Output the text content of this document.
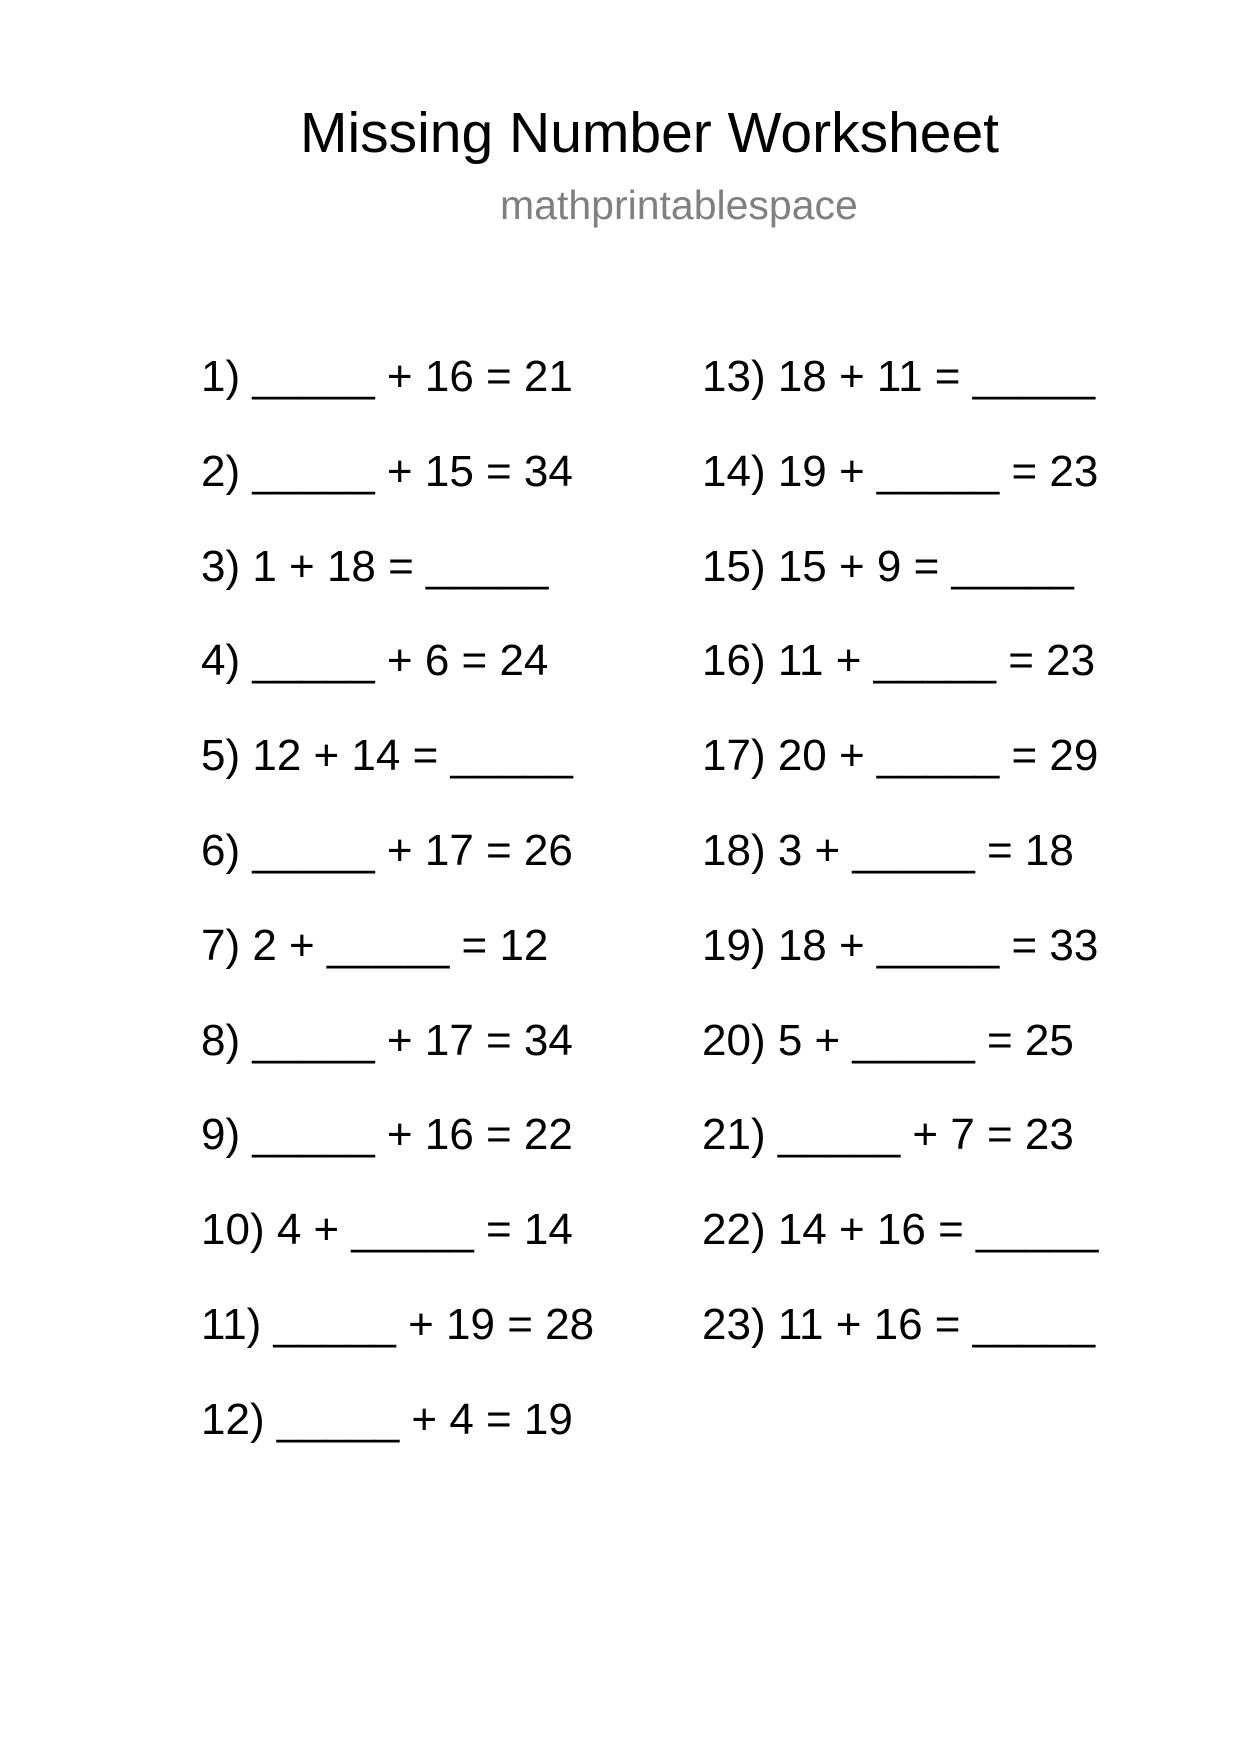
Missing Number Worksheet
mathprintablespace
1) _____ + 16 = 21
2) _____ + 15 = 34
3) 1 + 18 = _____
4) _____ + 6 = 24
5) 12 + 14 = _____
6) _____ + 17 = 26
7) 2 + _____ = 12
8) _____ + 17 = 34
9) _____ + 16 = 22
10) 4 + _____ = 14
11) _____ + 19 = 28
12) _____ + 4 = 19
13) 18 + 11 = _____
14) 19 + _____ = 23
15) 15 + 9 = _____
16) 11 + _____ = 23
17) 20 + _____ = 29
18) 3 + _____ = 18
19) 18 + _____ = 33
20) 5 + _____ = 25
21) _____ + 7 = 23
22) 14 + 16 = _____
23) 11 + 16 = _____
